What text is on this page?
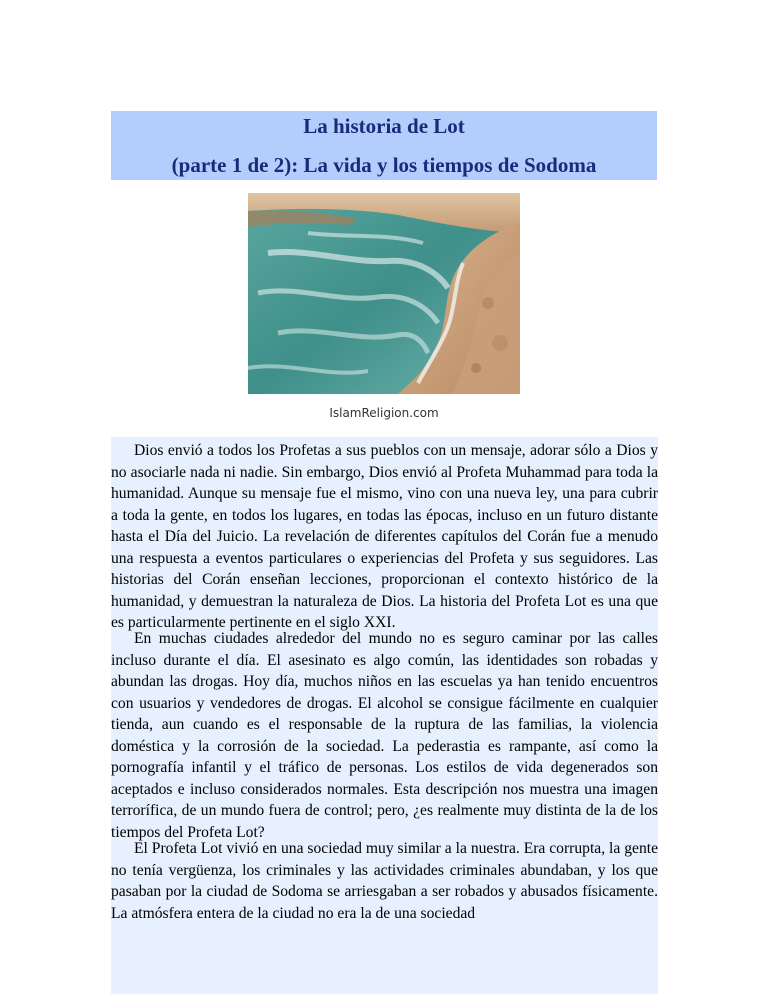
La historia de Lot
(parte 1 de 2): La vida y los tiempos de Sodoma
IslamReligion.com

Dios envió a todos los Profetas a sus pueblos con un mensaje, adorar sólo a Dios y no asociarle nada ni nadie. Sin embargo, Dios envió al Profeta Muhammad para toda la humanidad. Aunque su mensaje fue el mismo, vino con una nueva ley, una para cubrir a toda la gente, en todos los lugares, en todas las épocas, incluso en un futuro distante hasta el Día del Juicio. La revelación de diferentes capítulos del Corán fue a menudo una respuesta a eventos particulares o experiencias del Profeta y sus seguidores. Las historias del Corán enseñan lecciones, proporcionan el contexto histórico de la humanidad, y demuestran la naturaleza de Dios. La historia del Profeta Lot es una que es particularmente pertinente en el siglo XXI.

En muchas ciudades alrededor del mundo no es seguro caminar por las calles incluso durante el día. El asesinato es algo común, las identidades son robadas y abundan las drogas. Hoy día, muchos niños en las escuelas ya han tenido encuentros con usuarios y vendedores de drogas. El alcohol se consigue fácilmente en cualquier tienda, aun cuando es el responsable de la ruptura de las familias, la violencia doméstica y la corrosión de la sociedad. La pederastia es rampante, así como la pornografía infantil y el tráfico de personas. Los estilos de vida degenerados son aceptados e incluso considerados normales. Esta descripción nos muestra una imagen terrorífica, de un mundo fuera de control; pero, ¿es realmente muy distinta de la de los tiempos del Profeta Lot?

El Profeta Lot vivió en una sociedad muy similar a la nuestra. Era corrupta, la gente no tenía vergüenza, los criminales y las actividades criminales abundaban, y los que pasaban por la ciudad de Sodoma se arriesgaban a ser robados y abusados físicamente. La atmósfera entera de la ciudad no era la de una sociedad
